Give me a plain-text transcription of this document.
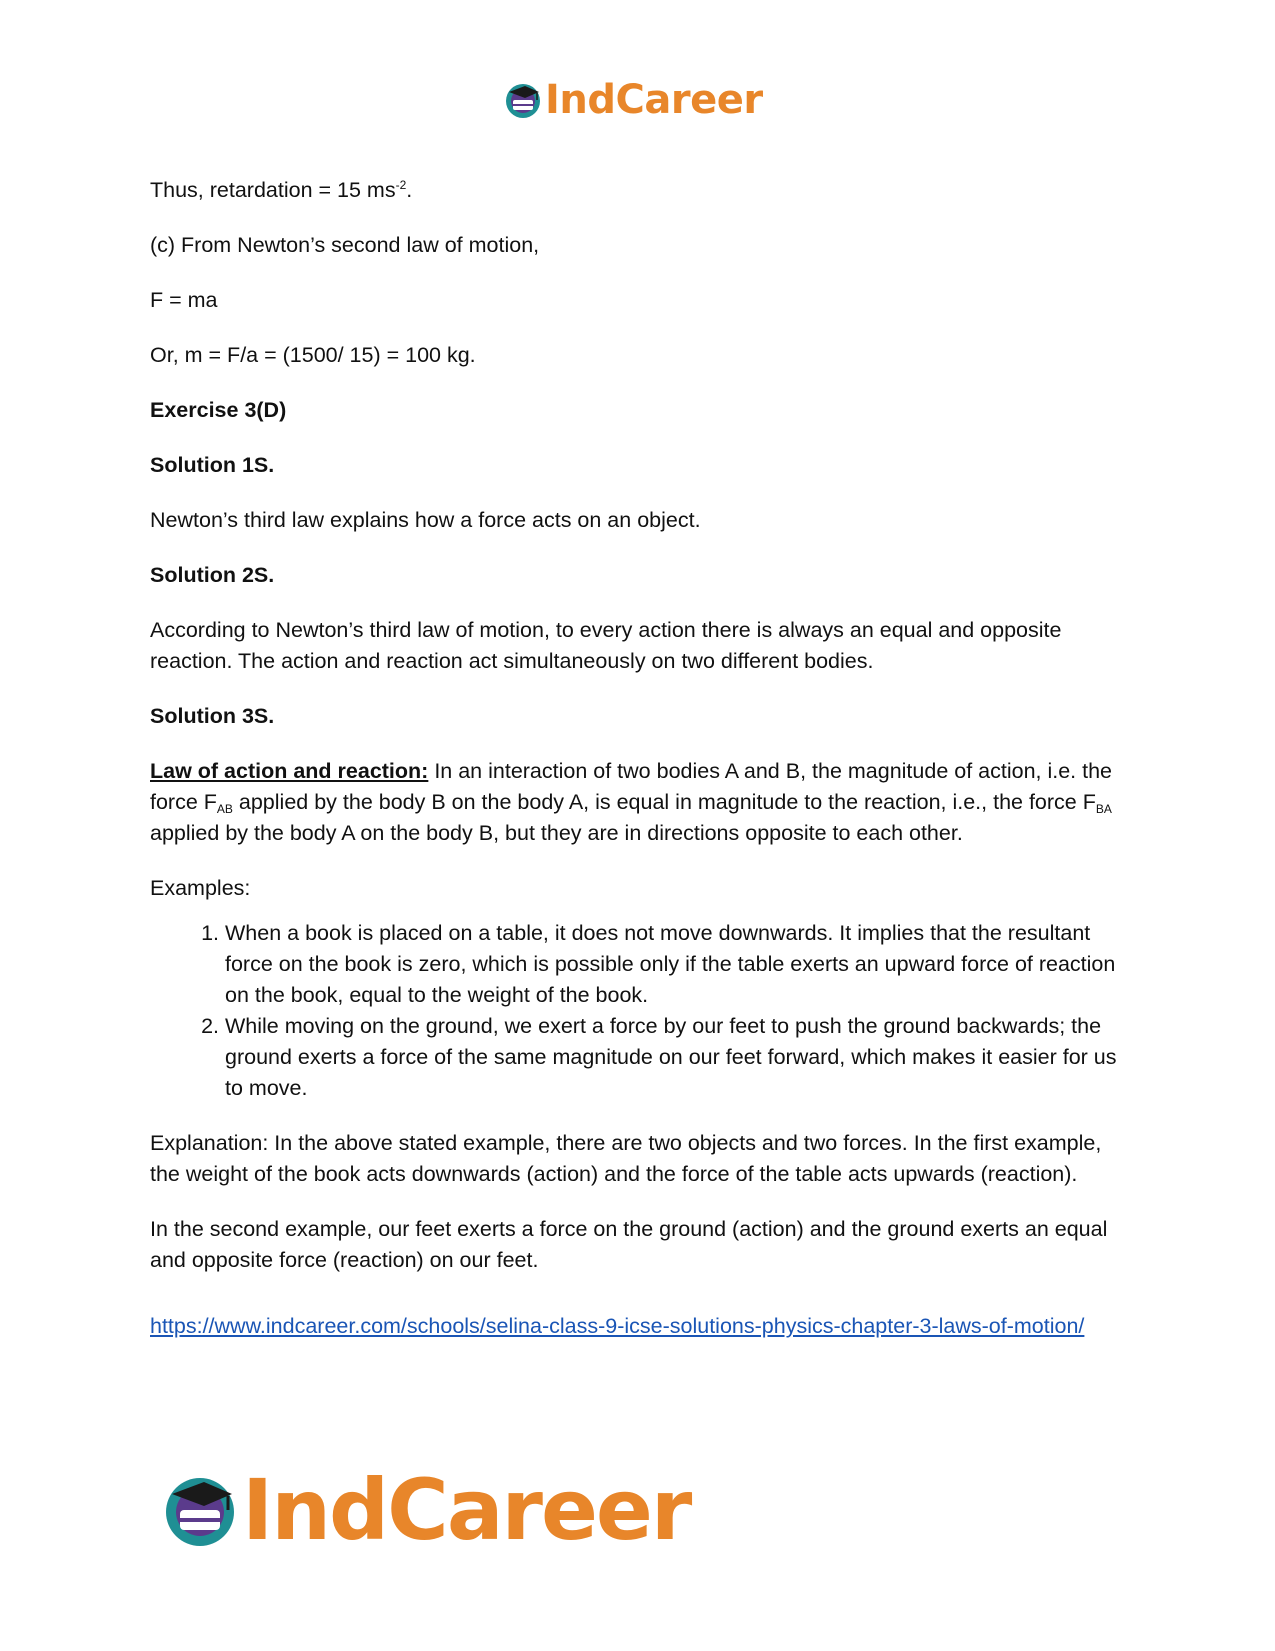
IndCareer

Thus, retardation = 15 $ms^{-2}$.

(c) From Newton’s second law of motion,

F = ma

Or, m = F/a = (1500/ 15) = 100 kg.

Exercise 3(D)

Solution 1S.

Newton’s third law explains how a force acts on an object.

Solution 2S.

According to Newton’s third law of motion, to every action there is always an equal and opposite reaction. The action and reaction act simultaneously on two different bodies.

Solution 3S.

Law of action and reaction: In an interaction of two bodies A and B, the magnitude of action, i.e. the force $F_{AB}$ applied by the body B on the body A, is equal in magnitude to the reaction, i.e., the force $F_{BA}$ applied by the body A on the body B, but they are in directions opposite to each other.

Examples:

1. When a book is placed on a table, it does not move downwards. It implies that the resultant force on the book is zero, which is possible only if the table exerts an upward force of reaction on the book, equal to the weight of the book.
2. While moving on the ground, we exert a force by our feet to push the ground backwards; the ground exerts a force of the same magnitude on our feet forward, which makes it easier for us to move.

Explanation: In the above stated example, there are two objects and two forces. In the first example, the weight of the book acts downwards (action) and the force of the table acts upwards (reaction).

In the second example, our feet exerts a force on the ground (action) and the ground exerts an equal and opposite force (reaction) on our feet.

https://www.indcareer.com/schools/selina-class-9-icse-solutions-physics-chapter-3-laws-of-motion/
IndCareer
